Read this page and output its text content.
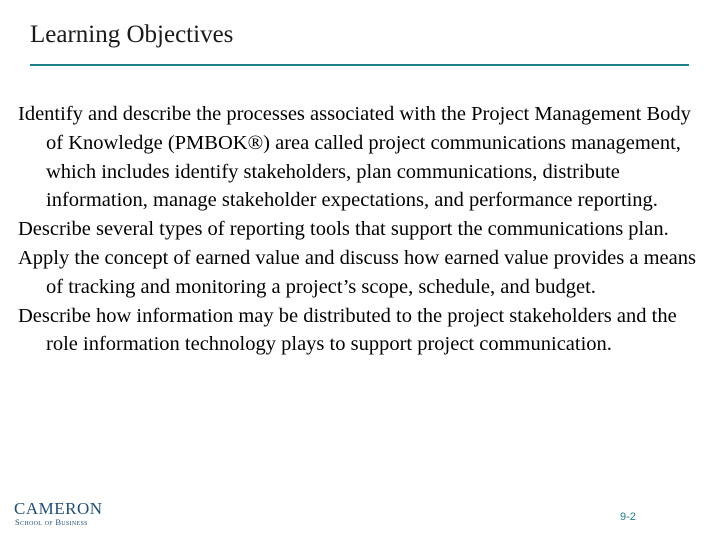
Learning Objectives
Identify and describe the processes associated with the Project Management Body of Knowledge (PMBOK®) area called project communications management, which includes identify stakeholders, plan communications, distribute information, manage stakeholder expectations, and performance reporting.
Describe several types of reporting tools that support the communications plan.
Apply the concept of earned value and discuss how earned value provides a means of tracking and monitoring a project’s scope, schedule, and budget.
Describe how information may be distributed to the project stakeholders and the role information technology plays to support project communication.
CAMERON
School of Business	9-2
